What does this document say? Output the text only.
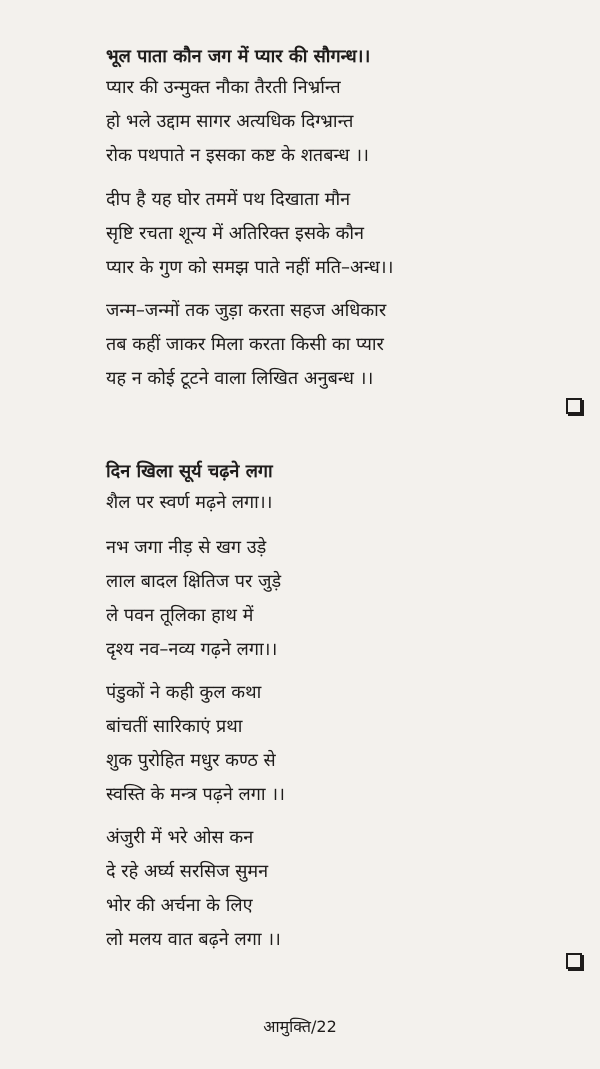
भूल पाता कौन जग में प्यार की सौगन्ध।।
प्यार की उन्मुक्त नौका तैरती निर्भ्रान्त
हो भले उद्दाम सागर अत्यधिक दिग्भ्रान्त
रोक पथपाते न इसका कष्ट के शतबन्ध ।।
दीप है यह घोर तममें पथ दिखाता मौन
सृष्टि रचता शून्य में अतिरिक्त इसके कौन
प्यार के गुण को समझ पाते नहीं मति–अन्ध।।
जन्म–जन्मों तक जुड़ा करता सहज अधिकार
तब कहीं जाकर मिला करता किसी का प्यार
यह न कोई टूटने वाला लिखित अनुबन्ध ।।
दिन खिला सूर्य चढ़ने लगा
शैल पर स्वर्ण मढ़ने लगा।।
नभ जगा नीड़ से खग उड़े
लाल बादल क्षितिज पर जुड़े
ले पवन तूलिका हाथ में
दृश्य नव–नव्य गढ़ने लगा।।
पंडुकों ने कही कुल कथा
बांचतीं सारिकाएं प्रथा
शुक पुरोहित मधुर कण्ठ से
स्वस्ति के मन्त्र पढ़ने लगा ।।
अंजुरी में भरे ओस कन
दे रहे अर्घ्य सरसिज सुमन
भोर की अर्चना के लिए
लो मलय वात बढ़ने लगा ।।
आमुक्ति/22
